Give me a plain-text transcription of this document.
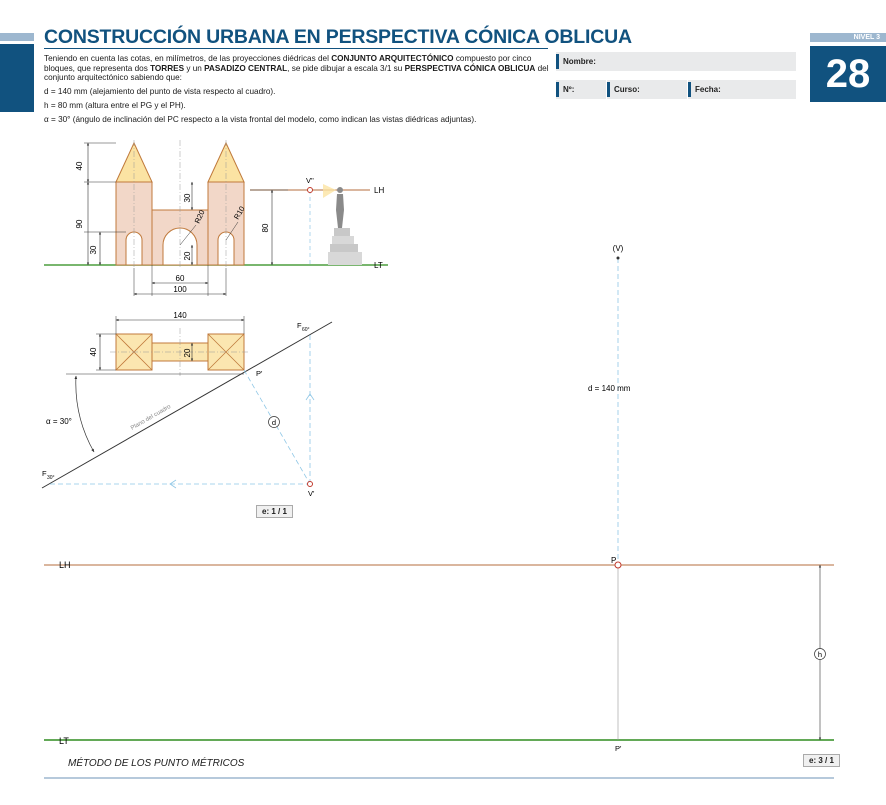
CONSTRUCCIÓN URBANA EN PERSPECTIVA CÓNICA OBLICUA

Teniendo en cuenta las cotas, en milímetros, de las proyecciones diédricas del CONJUNTO ARQUITECTÓNICO compuesto por cinco bloques, que representa dos TORRES y un PASADIZO CENTRAL, se pide dibujar a escala 3/1 su PERSPECTIVA CÓNICA OBLICUA del conjunto arquitectónico sabiendo que:

d = 140 mm (alejamiento del punto de vista respecto al cuadro).

h = 80 mm (altura entre el PG y el PH).

α = 30° (ángulo de inclinación del PC respecto a la vista frontal del modelo, como indican las vistas diédricas adjuntas).

Nombre:
Nº:	Curso:	Fecha:
NIVEL 3
28
40
90
30
30
20
R20	R10
60
100
80
V''
LH
LT
140
40	20
Plano del cuadro
α = 30°
V'
P'
d
F 60°
F 30°
LH
LT
(V)
d = 140 mm
P
P'
h
e: 1 / 1
e: 3 / 1
MÉTODO DE LOS PUNTO MÉTRICOS
